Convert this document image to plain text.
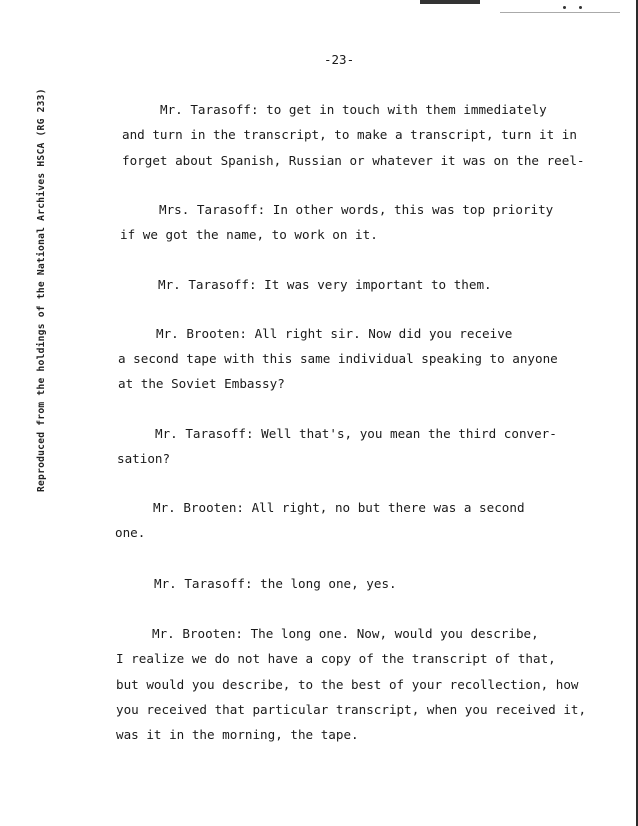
Reproduced from the holdings of the National Archives HSCA (RG 233)
-23-
Mr. Tarasoff: to get in touch with them immediately
and turn in the transcript, to make a transcript, turn it in
forget about Spanish, Russian or whatever it was on the reel-
Mrs. Tarasoff: In other words, this was top priority
if we got the name, to work on it.
Mr. Tarasoff: It was very important to them.
Mr. Brooten: All right sir. Now did you receive
a second tape with this same individual speaking to anyone
at the Soviet Embassy?
Mr. Tarasoff: Well that's, you mean the third conver-
sation?
Mr. Brooten: All right, no but there was a second
one.
Mr. Tarasoff: the long one, yes.
Mr. Brooten: The long one. Now, would you describe,
I realize we do not have a copy of the transcript of that,
but would you describe, to the best of your recollection, how
you received that particular transcript, when you received it,
was it in the morning, the tape.
